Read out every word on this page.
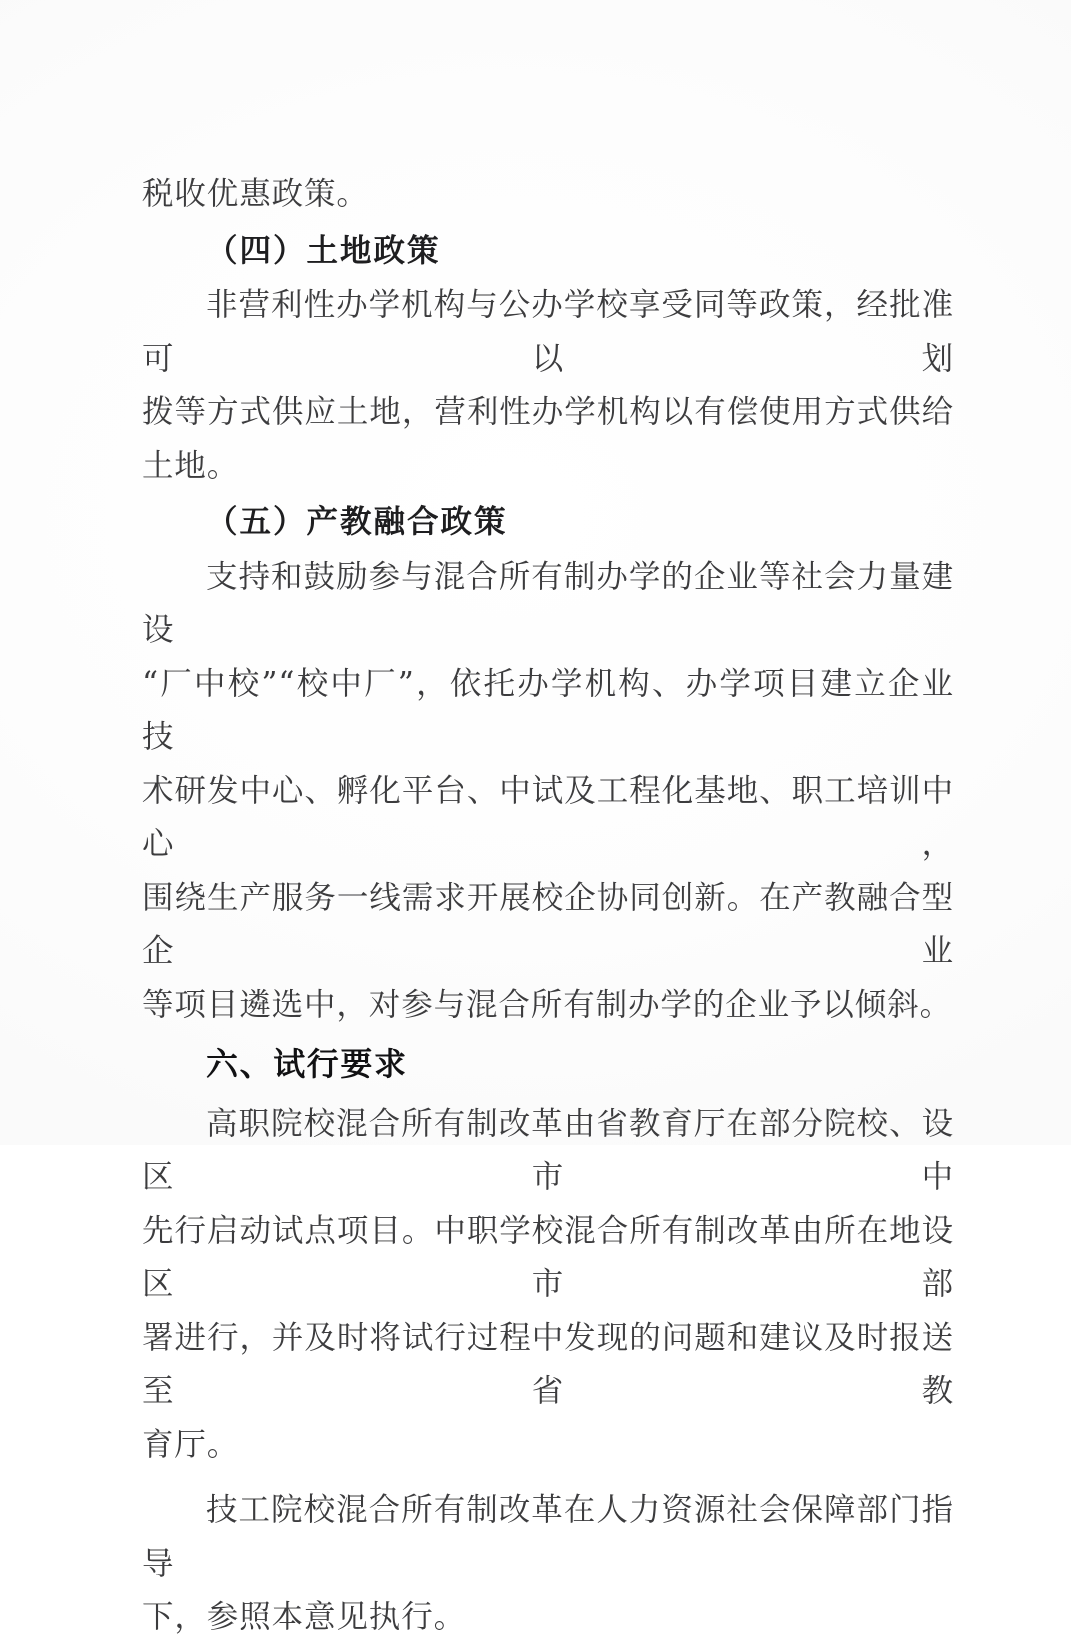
税收优惠政策。

（四）土地政策

非营利性办学机构与公办学校享受同等政策，经批准可以划

拨等方式供应土地，营利性办学机构以有偿使用方式供给土地。

（五）产教融合政策

支持和鼓励参与混合所有制办学的企业等社会力量建设

“厂中校”“校中厂”，依托办学机构、办学项目建立企业技

术研发中心、孵化平台、中试及工程化基地、职工培训中心，

围绕生产服务一线需求开展校企协同创新。在产教融合型企业

等项目遴选中，对参与混合所有制办学的企业予以倾斜。

六、试行要求

高职院校混合所有制改革由省教育厅在部分院校、设区市中

先行启动试点项目。中职学校混合所有制改革由所在地设区市部

署进行，并及时将试行过程中发现的问题和建议及时报送至省教

育厅。

技工院校混合所有制改革在人力资源社会保障部门指导

下，参照本意见执行。
